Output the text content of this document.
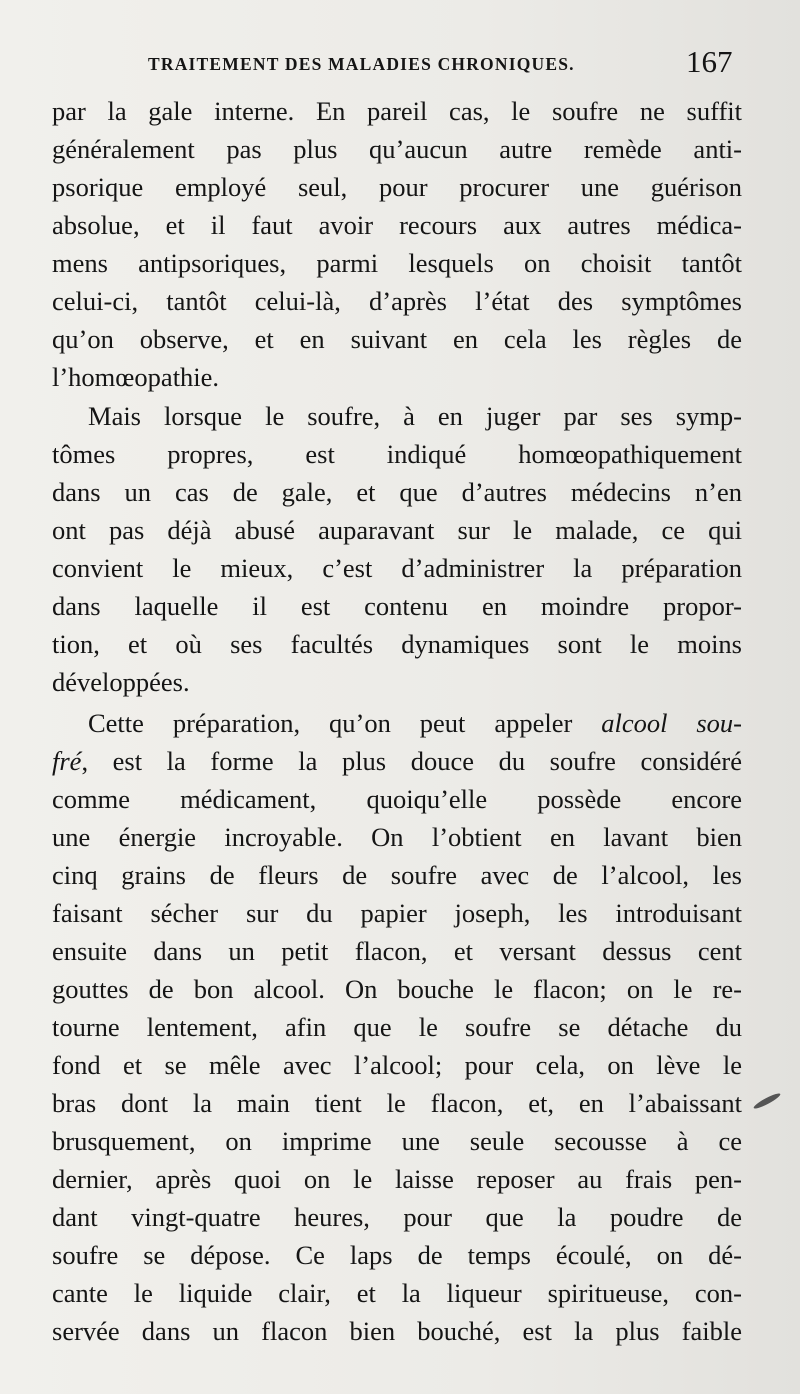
TRAITEMENT DES MALADIES CHRONIQUES.	167
par la gale interne. En pareil cas, le soufre ne suffit
généralement pas plus qu’aucun autre remède anti-
psorique employé seul, pour procurer une guérison
absolue, et il faut avoir recours aux autres médica-
mens antipsoriques, parmi lesquels on choisit tantôt
celui-ci, tantôt celui-là, d’après l’état des symptômes
qu’on observe, et en suivant en cela les règles de
l’homœopathie.
Mais lorsque le soufre, à en juger par ses symp-
tômes propres, est indiqué homœopathiquement
dans un cas de gale, et que d’autres médecins n’en
ont pas déjà abusé auparavant sur le malade, ce qui
convient le mieux, c’est d’administrer la préparation
dans laquelle il est contenu en moindre propor-
tion, et où ses facultés dynamiques sont le moins
développées.
Cette préparation, qu’on peut appeler alcool sou-
fré, est la forme la plus douce du soufre considéré
comme médicament, quoiqu’elle possède encore
une énergie incroyable. On l’obtient en lavant bien
cinq grains de fleurs de soufre avec de l’alcool, les
faisant sécher sur du papier joseph, les introduisant
ensuite dans un petit flacon, et versant dessus cent
gouttes de bon alcool. On bouche le flacon; on le re-
tourne lentement, afin que le soufre se détache du
fond et se mêle avec l’alcool; pour cela, on lève le
bras dont la main tient le flacon, et, en l’abaissant
brusquement, on imprime une seule secousse à ce
dernier, après quoi on le laisse reposer au frais pen-
dant vingt-quatre heures, pour que la poudre de
soufre se dépose. Ce laps de temps écoulé, on dé-
cante le liquide clair, et la liqueur spiritueuse, con-
servée dans un flacon bien bouché, est la plus faible
